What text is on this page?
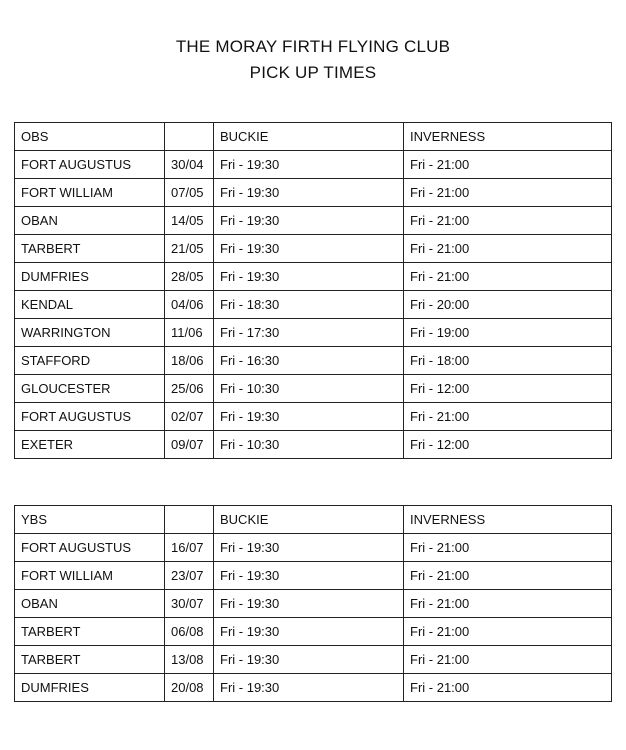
THE MORAY FIRTH FLYING CLUB
PICK UP TIMES
OBS		BUCKIE	INVERNESS
FORT AUGUSTUS	30/04	Fri - 19:30	Fri - 21:00
FORT WILLIAM	07/05	Fri - 19:30	Fri - 21:00
OBAN	14/05	Fri - 19:30	Fri - 21:00
TARBERT	21/05	Fri - 19:30	Fri - 21:00
DUMFRIES	28/05	Fri - 19:30	Fri - 21:00
KENDAL	04/06	Fri - 18:30	Fri - 20:00
WARRINGTON	11/06	Fri - 17:30	Fri - 19:00
STAFFORD	18/06	Fri - 16:30	Fri - 18:00
GLOUCESTER	25/06	Fri - 10:30	Fri - 12:00
FORT AUGUSTUS	02/07	Fri - 19:30	Fri - 21:00
EXETER	09/07	Fri - 10:30	Fri - 12:00
YBS		BUCKIE	INVERNESS
FORT AUGUSTUS	16/07	Fri - 19:30	Fri - 21:00
FORT WILLIAM	23/07	Fri - 19:30	Fri - 21:00
OBAN	30/07	Fri - 19:30	Fri - 21:00
TARBERT	06/08	Fri - 19:30	Fri - 21:00
TARBERT	13/08	Fri - 19:30	Fri - 21:00
DUMFRIES	20/08	Fri - 19:30	Fri - 21:00
